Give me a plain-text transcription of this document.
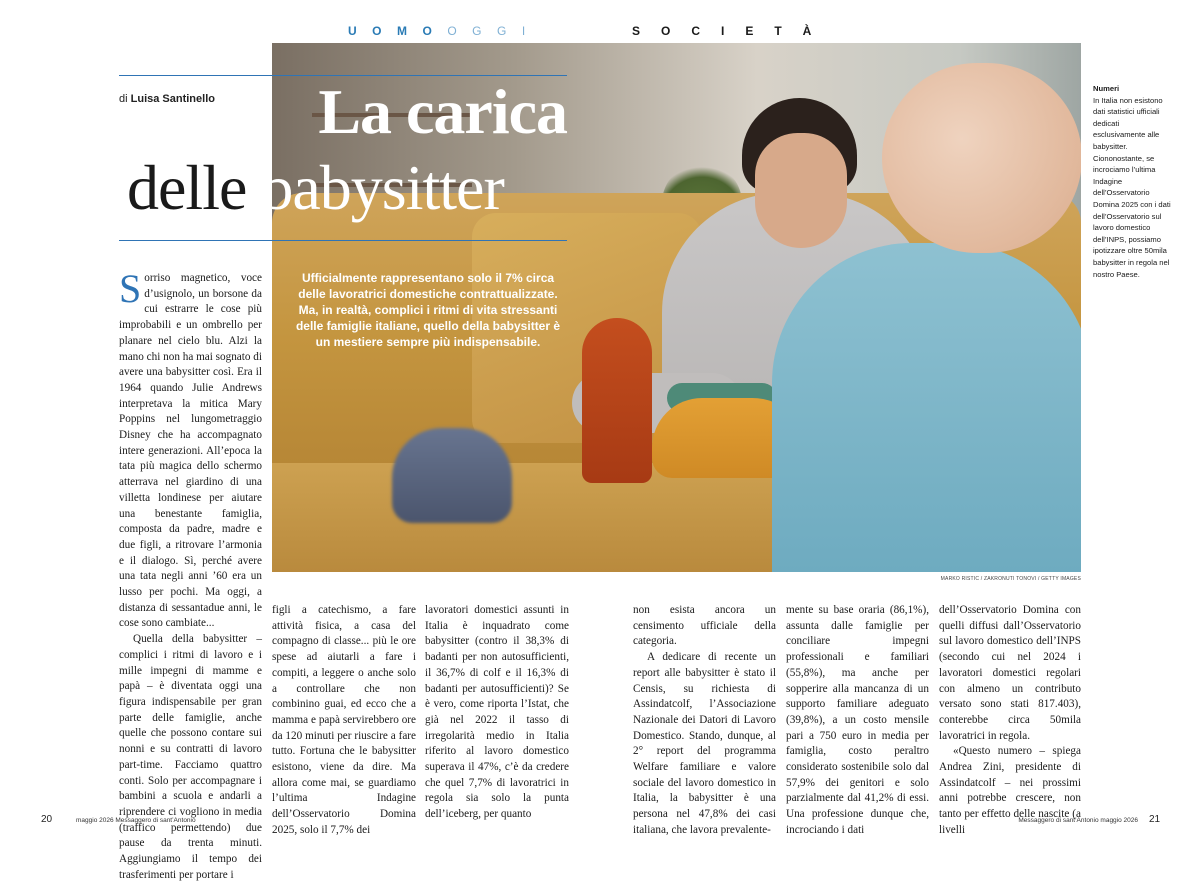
UOMOOGGI	SOCIETÀ
MARKO RISTIC / ZAKRONUTI TONOVI / GETTY IMAGES
di Luisa Santinello La carica
delle babysitter
Ufficialmente rappresentano solo il 7% circa delle lavoratrici domestiche contrattualizzate. Ma, in realtà, complici i ritmi di vita stressanti delle famiglie italiane, quello della babysitter è un mestiere sempre più indispensabile.
Numeri
In Italia non esistono dati statistici ufficiali dedicati esclusivamente alle babysitter. Ciononostante, se incrociamo l’ultima Indagine dell’Osservatorio Domina 2025 con i dati dell’Osservatorio sul lavoro domestico dell’INPS, possiamo ipotizzare oltre 50mila babysitter in regola nel nostro Paese.

Sorriso magnetico, voce d’usignolo, un borsone da cui estrarre le cose più improbabili e un ombrello per planare nel cielo blu. Alzi la mano chi non ha mai sognato di avere una babysitter così. Era il 1964 quando Julie Andrews interpretava la mitica Mary Poppins nel lungometraggio Disney che ha accompagnato intere generazioni. All’epoca la tata più magica dello schermo atterrava nel giardino di una villetta londinese per aiutare una benestante famiglia, composta da padre, madre e due figli, a ritrovare l’armonia e il dialogo. Sì, perché avere una tata negli anni ’60 era un lusso per pochi. Ma oggi, a distanza di sessantadue anni, le cose sono cambiate...

Quella della babysitter – complici i ritmi di lavoro e i mille impegni di mamme e papà – è diventata oggi una figura indispensabile per gran parte delle famiglie, anche quelle che possono contare sui nonni e su contratti di lavoro part-time. Facciamo quattro conti. Solo per accompagnare i bambini a scuola e andarli a riprendere ci vogliono in media (traffico permettendo) due pause da trenta minuti. Aggiungiamo il tempo dei trasferimenti per portare i

figli a catechismo, a fare attività fisica, a casa del compagno di classe... più le ore spese ad aiutarli a fare i compiti, a leggere o anche solo a controllare che non combinino guai, ed ecco che a mamma e papà servirebbero ore da 120 minuti per riuscire a fare tutto. Fortuna che le babysitter esistono, viene da dire. Ma allora come mai, se guardiamo l’ultima Indagine dell’Osservatorio Domina 2025, solo il 7,7% dei

lavoratori domestici assunti in Italia è inquadrato come babysitter (contro il 38,3% di badanti per non autosufficienti, il 36,7% di colf e il 16,3% di badanti per autosufficienti)? Se è vero, come riporta l’Istat, che già nel 2022 il tasso di irregolarità medio in Italia riferito al lavoro domestico superava il 47%, c’è da credere che quel 7,7% di lavoratrici in regola sia solo la punta dell’iceberg, per quanto

non esista ancora un censimento ufficiale della categoria.

A dedicare di recente un report alle babysitter è stato il Censis, su richiesta di Assindatcolf, l’Associazione Nazionale dei Datori di Lavoro Domestico. Stando, dunque, al 2° report del programma Welfare familiare e valore sociale del lavoro domestico in Italia, la babysitter è una persona nel 47,8% dei casi italiana, che lavora prevalente-

mente su base oraria (86,1%), assunta dalle famiglie per conciliare impegni professionali e familiari (55,8%), ma anche per sopperire alla mancanza di un supporto familiare adeguato (39,8%), a un costo mensile pari a 750 euro in media per famiglia, costo peraltro considerato sostenibile solo dal 57,9% dei genitori e solo parzialmente dal 41,2% di essi. Una professione dunque che, incrociando i dati

dell’Osservatorio Domina con quelli diffusi dall’Osservatorio sul lavoro domestico dell’INPS (secondo cui nel 2024 i lavoratori domestici regolari con almeno un contributo versato sono stati 817.403), conterebbe circa 50mila lavoratrici in regola.

«Questo numero – spiega Andrea Zini, presidente di Assindatcolf – nei prossimi anni potrebbe crescere, non tanto per effetto delle nascite (a livelli

20	maggio 2026 Messaggero di sant’Antonio	Messaggero di sant’Antonio maggio 2026 21
